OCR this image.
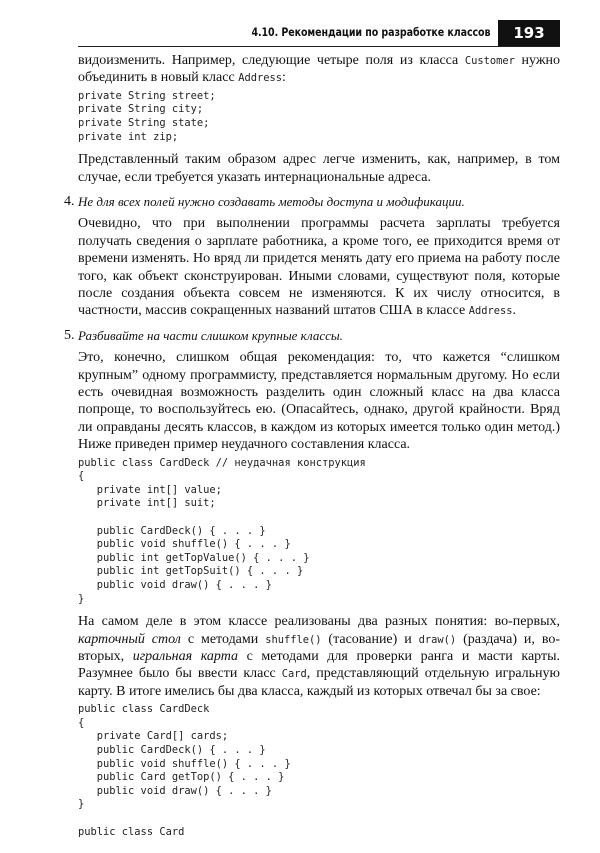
4.10. Рекомендации по разработке классов	193

видоизменить. Например, следующие четыре поля из класса Customer нужно объединить в новый класс Address:

private String street;
private String city;
private String state;
private int zip;

Представленный таким образом адрес легче изменить, как, например, в том случае, если требуется указать интернациональные адреса.

4. Не для всех полей нужно создавать методы доступа и модификации.

Очевидно, что при выполнении программы расчета зарплаты требуется получать сведения о зарплате работника, а кроме того, ее приходится время от времени изменять. Но вряд ли придется менять дату его приема на работу после того, как объект сконструирован. Иными словами, существуют поля, которые после создания объекта совсем не изменяются. К их числу относится, в частности, массив сокращенных названий штатов США в классе Address.

5. Разбивайте на части слишком крупные классы.

Это, конечно, слишком общая рекомендация: то, что кажется “слишком крупным” одному программисту, представляется нормальным другому. Но если есть очевидная возможность разделить один сложный класс на два класса попроще, то воспользуйтесь ею. (Опасайтесь, однако, другой крайности. Вряд ли оправданы десять классов, в каждом из которых имеется только один метод.) Ниже приведен пример неудачного составления класса.

public class CardDeck // неудачная конструкция
{
private int[] value;
private int[] suit;

public CardDeck() { . . . }
public void shuffle() { . . . }
public int getTopValue() { . . . }
public int getTopSuit() { . . . }
public void draw() { . . . }
}

На самом деле в этом классе реализованы два разных понятия: во-первых, карточный стол с методами shuffle() (тасование) и draw() (раздача) и, во-вторых, игральная карта с методами для проверки ранга и масти карты. Разумнее было бы ввести класс Card, представляющий отдельную игральную карту. В итоге имелись бы два класса, каждый из которых отвечал бы за свое:

public class CardDeck
{
private Card[] cards;
public CardDeck() { . . . }
public void shuffle() { . . . }
public Card getTop() { . . . }
public void draw() { . . . }
}

public class Card
